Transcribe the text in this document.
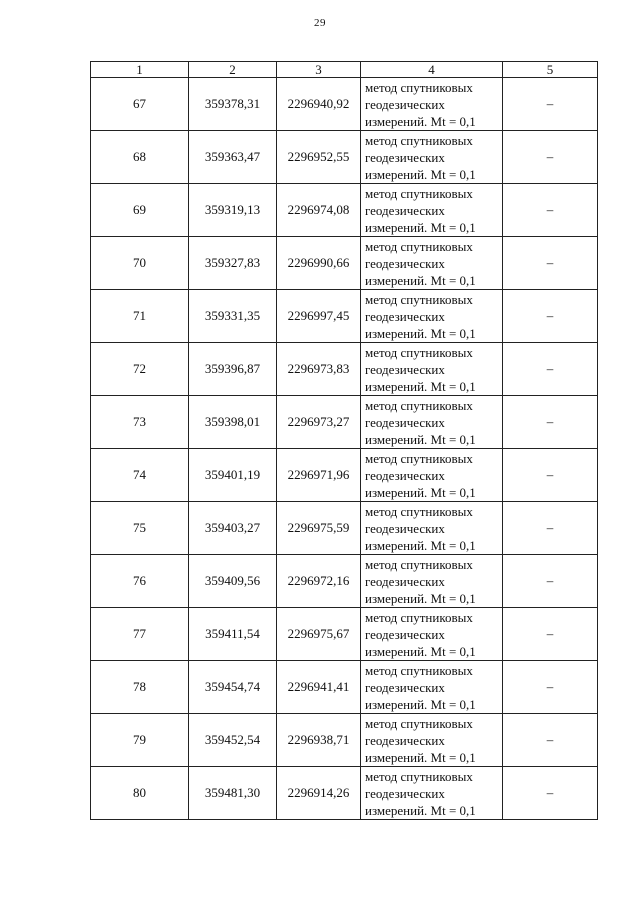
29
1	2	3	4	5
67	359378,31	2296940,92	метод спутниковых
геодезических
измерений. Mt = 0,1	–
68	359363,47	2296952,55	метод спутниковых
геодезических
измерений. Mt = 0,1	–
69	359319,13	2296974,08	метод спутниковых
геодезических
измерений. Mt = 0,1	–
70	359327,83	2296990,66	метод спутниковых
геодезических
измерений. Mt = 0,1	–
71	359331,35	2296997,45	метод спутниковых
геодезических
измерений. Mt = 0,1	–
72	359396,87	2296973,83	метод спутниковых
геодезических
измерений. Mt = 0,1	–
73	359398,01	2296973,27	метод спутниковых
геодезических
измерений. Mt = 0,1	–
74	359401,19	2296971,96	метод спутниковых
геодезических
измерений. Mt = 0,1	–
75	359403,27	2296975,59	метод спутниковых
геодезических
измерений. Mt = 0,1	–
76	359409,56	2296972,16	метод спутниковых
геодезических
измерений. Mt = 0,1	–
77	359411,54	2296975,67	метод спутниковых
геодезических
измерений. Mt = 0,1	–
78	359454,74	2296941,41	метод спутниковых
геодезических
измерений. Mt = 0,1	–
79	359452,54	2296938,71	метод спутниковых
геодезических
измерений. Mt = 0,1	–
80	359481,30	2296914,26	метод спутниковых
геодезических
измерений. Mt = 0,1	–
